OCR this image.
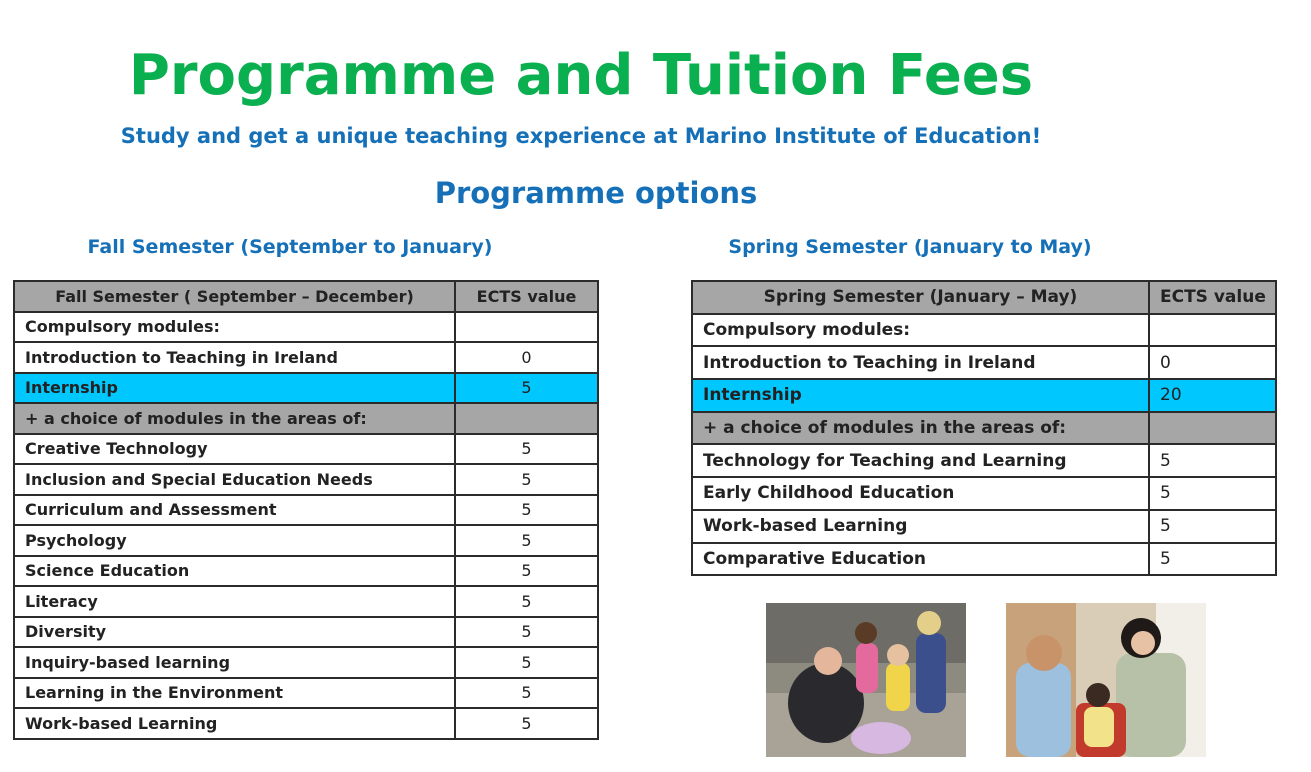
Programme and Tuition Fees
Study and get a unique teaching experience at Marino Institute of Education!
Programme options
Fall Semester (September to January)	Spring Semester (January to May)
Fall Semester ( September – December)	ECTS value
Compulsory modules:	
Introduction to Teaching in Ireland	0
Internship	5
+ a choice of modules in the areas of:	
Creative Technology	5
Inclusion and Special Education Needs	5
Curriculum and Assessment	5
Psychology	5
Science Education	5
Literacy	5
Diversity	5
Inquiry-based learning	5
Learning in the Environment	5
Work-based Learning	5
Spring Semester (January – May)	ECTS value
Compulsory modules:	
Introduction to Teaching in Ireland	0
Internship	20
+ a choice of modules in the areas of:	
Technology for Teaching and Learning	5
Early Childhood Education	5
Work-based Learning	5
Comparative Education	5
